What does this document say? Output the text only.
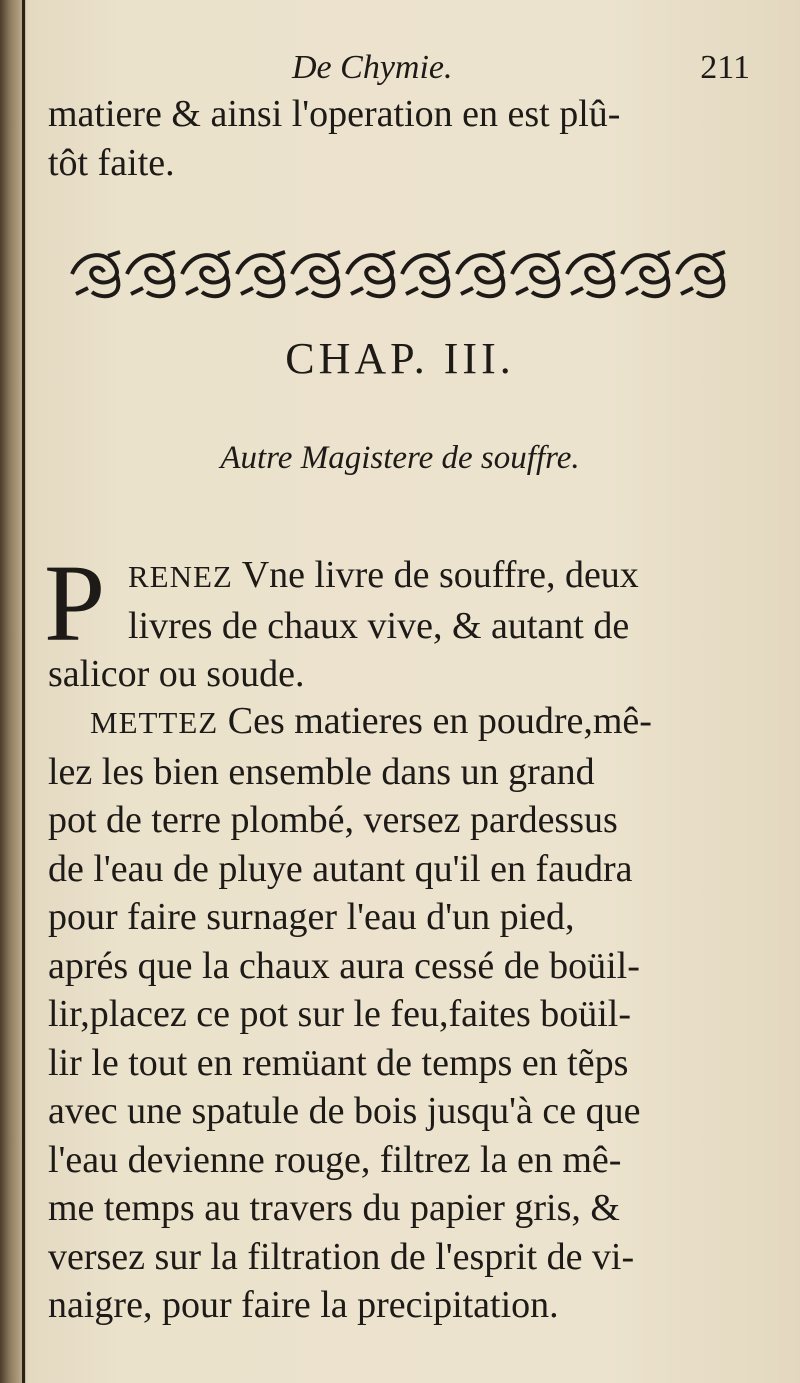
De Chymie.	211
matiere & ainsi l'operation en est plû-
tôt faite.
CHAP. III.
Autre Magistere de souffre.
P RENEZ Vne livre de souffre, deux
livres de chaux vive, & autant de
salicor ou soude.
METTEZ Ces matieres en poudre,mê-
lez les bien ensemble dans un grand
pot de terre plombé, versez pardessus
de l'eau de pluye autant qu'il en faudra
pour faire surnager l'eau d'un pied,
aprés que la chaux aura cessé de boüil-
lir,placez ce pot sur le feu,faites boüil-
lir le tout en remüant de temps en tẽps
avec une spatule de bois jusqu'à ce que
l'eau devienne rouge, filtrez la en mê-
me temps au travers du papier gris, &
versez sur la filtration de l'esprit de vi-
naigre, pour faire la precipitation.
